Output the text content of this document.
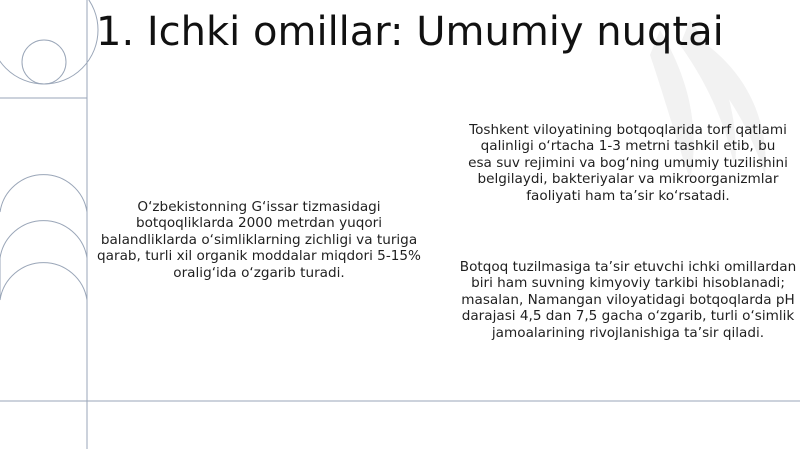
1. Ichki omillar: Umumiy nuqtai
O‘zbekistonning G‘issar tizmasidagi botqoqliklarda 2000 metrdan yuqori balandliklarda o‘simliklarning zichligi va turiga qarab, turli xil organik moddalar miqdori 5-15% oralig‘ida o‘zgarib turadi.
Toshkent viloyatining botqoqlarida torf qatlami qalinligi o‘rtacha 1-3 metrni tashkil etib, bu esa suv rejimini va bog‘ning umumiy tuzilishini belgilaydi, bakteriyalar va mikroorganizmlar faoliyati ham ta’sir ko‘rsatadi.
Botqoq tuzilmasiga ta’sir etuvchi ichki omillardan biri ham suvning kimyoviy tarkibi hisoblanadi; masalan, Namangan viloyatidagi botqoqlarda pH darajasi 4,5 dan 7,5 gacha o‘zgarib, turli o‘simlik jamoalarining rivojlanishiga ta’sir qiladi.
